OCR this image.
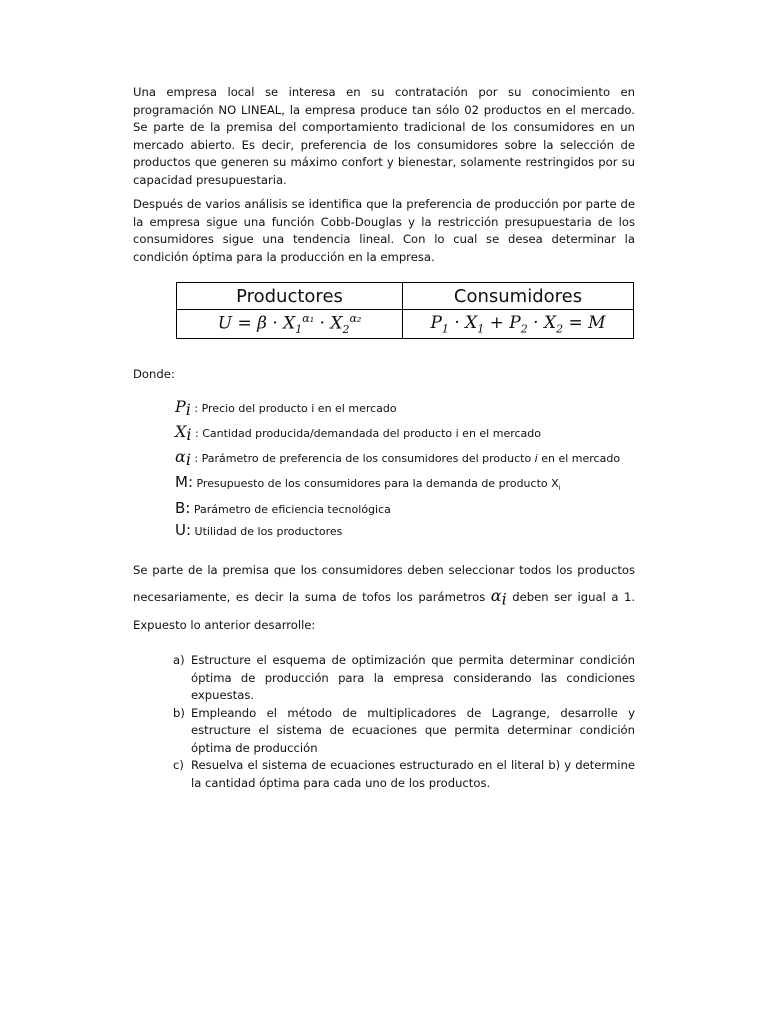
Una empresa local se interesa en su contratación por su conocimiento en programación NO LINEAL, la empresa produce tan sólo 02 productos en el mercado. Se parte de la premisa del comportamiento tradicional de los consumidores en un mercado abierto. Es decir, preferencia de los consumidores sobre la selección de productos que generen su máximo confort y bienestar, solamente restringidos por su capacidad presupuestaria.

Después de varios análisis se identifica que la preferencia de producción por parte de la empresa sigue una función Cobb-Douglas y la restricción presupuestaria de los consumidores sigue una tendencia lineal. Con lo cual se desea determinar la condición óptima para la producción en la empresa.

Productores	Consumidores
$U = \beta \cdot X_1^{\alpha_1} \cdot X_2^{\alpha_2}$	$P_1 \cdot X_1 + P_2 \cdot X_2 = M$
Donde:
$P_i$ : Precio del producto i en el mercado
$X_i$ : Cantidad producida/demandada del producto i en el mercado
$\alpha_i$ : Parámetro de preferencia de los consumidores del producto i en el mercado
M: Presupuesto de los consumidores para la demanda de producto $X_i$
B: Parámetro de eficiencia tecnológica
U: Utilidad de los productores
Se parte de la premisa que los consumidores deben seleccionar todos los productos necesariamente, es decir la suma de tofos los parámetros $\alpha_i$ deben ser igual a 1. Expuesto lo anterior desarrolle:
a) Estructure el esquema de optimización que permita determinar condición óptima de producción para la empresa considerando las condiciones expuestas.
b) Empleando el método de multiplicadores de Lagrange, desarrolle y estructure el sistema de ecuaciones que permita determinar condición óptima de producción
c) Resuelva el sistema de ecuaciones estructurado en el literal b) y determine la cantidad óptima para cada uno de los productos.
